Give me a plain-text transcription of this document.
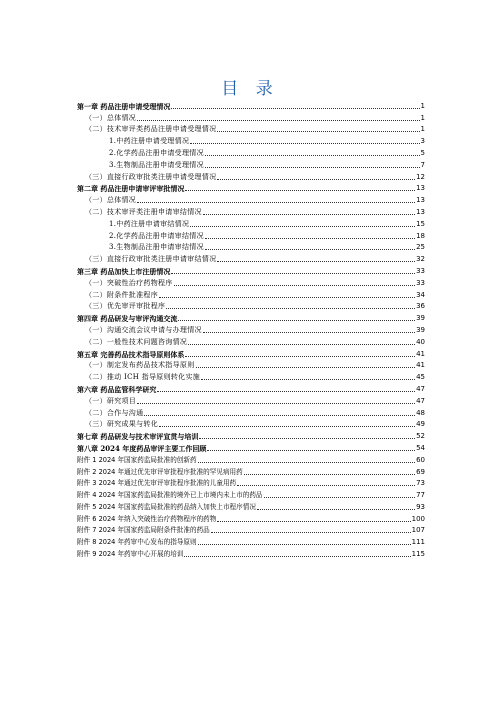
目 录
第一章 药品注册申请受理情况	1
（一）总体情况	1
（二）技术审评类药品注册申请受理情况	1
1.中药注册申请受理情况	3
2.化学药品注册申请受理情况	5
3.生物制品注册申请受理情况	7
（三）直接行政审批类注册申请受理情况	12
第二章 药品注册申请审评审批情况	13
（一）总体情况	13
（二）技术审评类注册申请审结情况	13
1.中药注册申请审结情况	15
2.化学药品注册申请审结情况	18
3.生物制品注册申请审结情况	25
（三）直接行政审批类注册申请审结情况	32
第三章 药品加快上市注册情况	33
（一）突破性治疗药物程序	33
（二）附条件批准程序	34
（三）优先审评审批程序	36
第四章 药品研发与审评沟通交流	39
（一）沟通交流会议申请与办理情况	39
（二）一般性技术问题咨询情况	40
第五章 完善药品技术指导原则体系	41
（一）制定发布药品技术指导原则	41
（二）推动 ICH 指导原则转化实施	45
第六章 药品监管科学研究	47
（一）研究项目	47
（二）合作与沟通	48
（三）研究成果与转化	49
第七章 药品研发与技术审评宣贯与培训	52
第八章 2024 年度药品审评主要工作回顾	54
附件 1 2024 年国家药监局批准的创新药	60
附件 2 2024 年通过优先审评审批程序批准的罕见病用药	69
附件 3 2024 年通过优先审评审批程序批准的儿童用药	73
附件 4 2024 年国家药监局批准的境外已上市境内未上市的药品	77
附件 5 2024 年国家药监局批准的药品纳入加快上市程序情况	93
附件 6 2024 年纳入突破性治疗药物程序的药物	100
附件 7 2024 年国家药监局附条件批准的药品	107
附件 8 2024 年药审中心发布的指导原则	111
附件 9 2024 年药审中心开展的培训	115
